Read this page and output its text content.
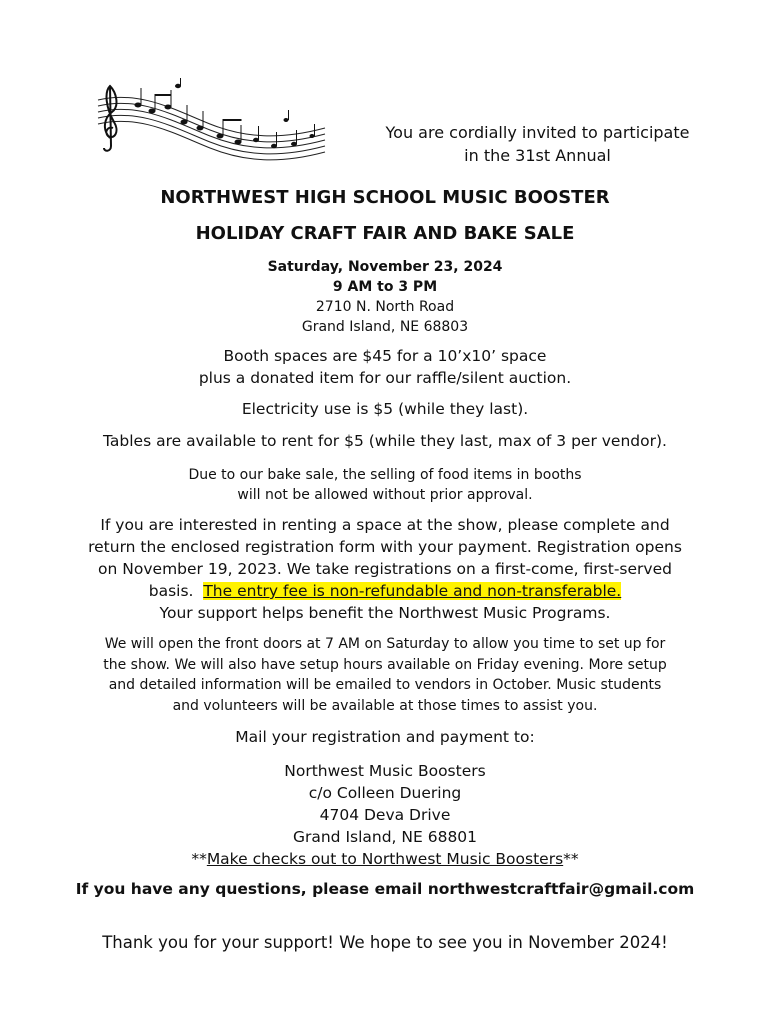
You are cordially invited to participate
in the 31st Annual
NORTHWEST HIGH SCHOOL MUSIC BOOSTER
HOLIDAY CRAFT FAIR AND BAKE SALE
Saturday, November 23, 2024
9 AM to 3 PM
2710 N. North Road
Grand Island, NE 68803
Booth spaces are $45 for a 10’x10’ space
plus a donated item for our raffle/silent auction.
Electricity use is $5 (while they last).
Tables are available to rent for $5 (while they last, max of 3 per vendor).
Due to our bake sale, the selling of food items in booths
will not be allowed without prior approval.
If you are interested in renting a space at the show, please complete and
return the enclosed registration form with your payment. Registration opens
on November 19, 2023. We take registrations on a first-come, first-served
basis.  The entry fee is non-refundable and non-transferable.
Your support helps benefit the Northwest Music Programs.
We will open the front doors at 7 AM on Saturday to allow you time to set up for
the show. We will also have setup hours available on Friday evening. More setup
and detailed information will be emailed to vendors in October. Music students
and volunteers will be available at those times to assist you.
Mail your registration and payment to:
Northwest Music Boosters
c/o Colleen Duering
4704 Deva Drive
Grand Island, NE 68801
**Make checks out to Northwest Music Boosters**
If you have any questions, please email northwestcraftfair@gmail.com
Thank you for your support! We hope to see you in November 2024!
